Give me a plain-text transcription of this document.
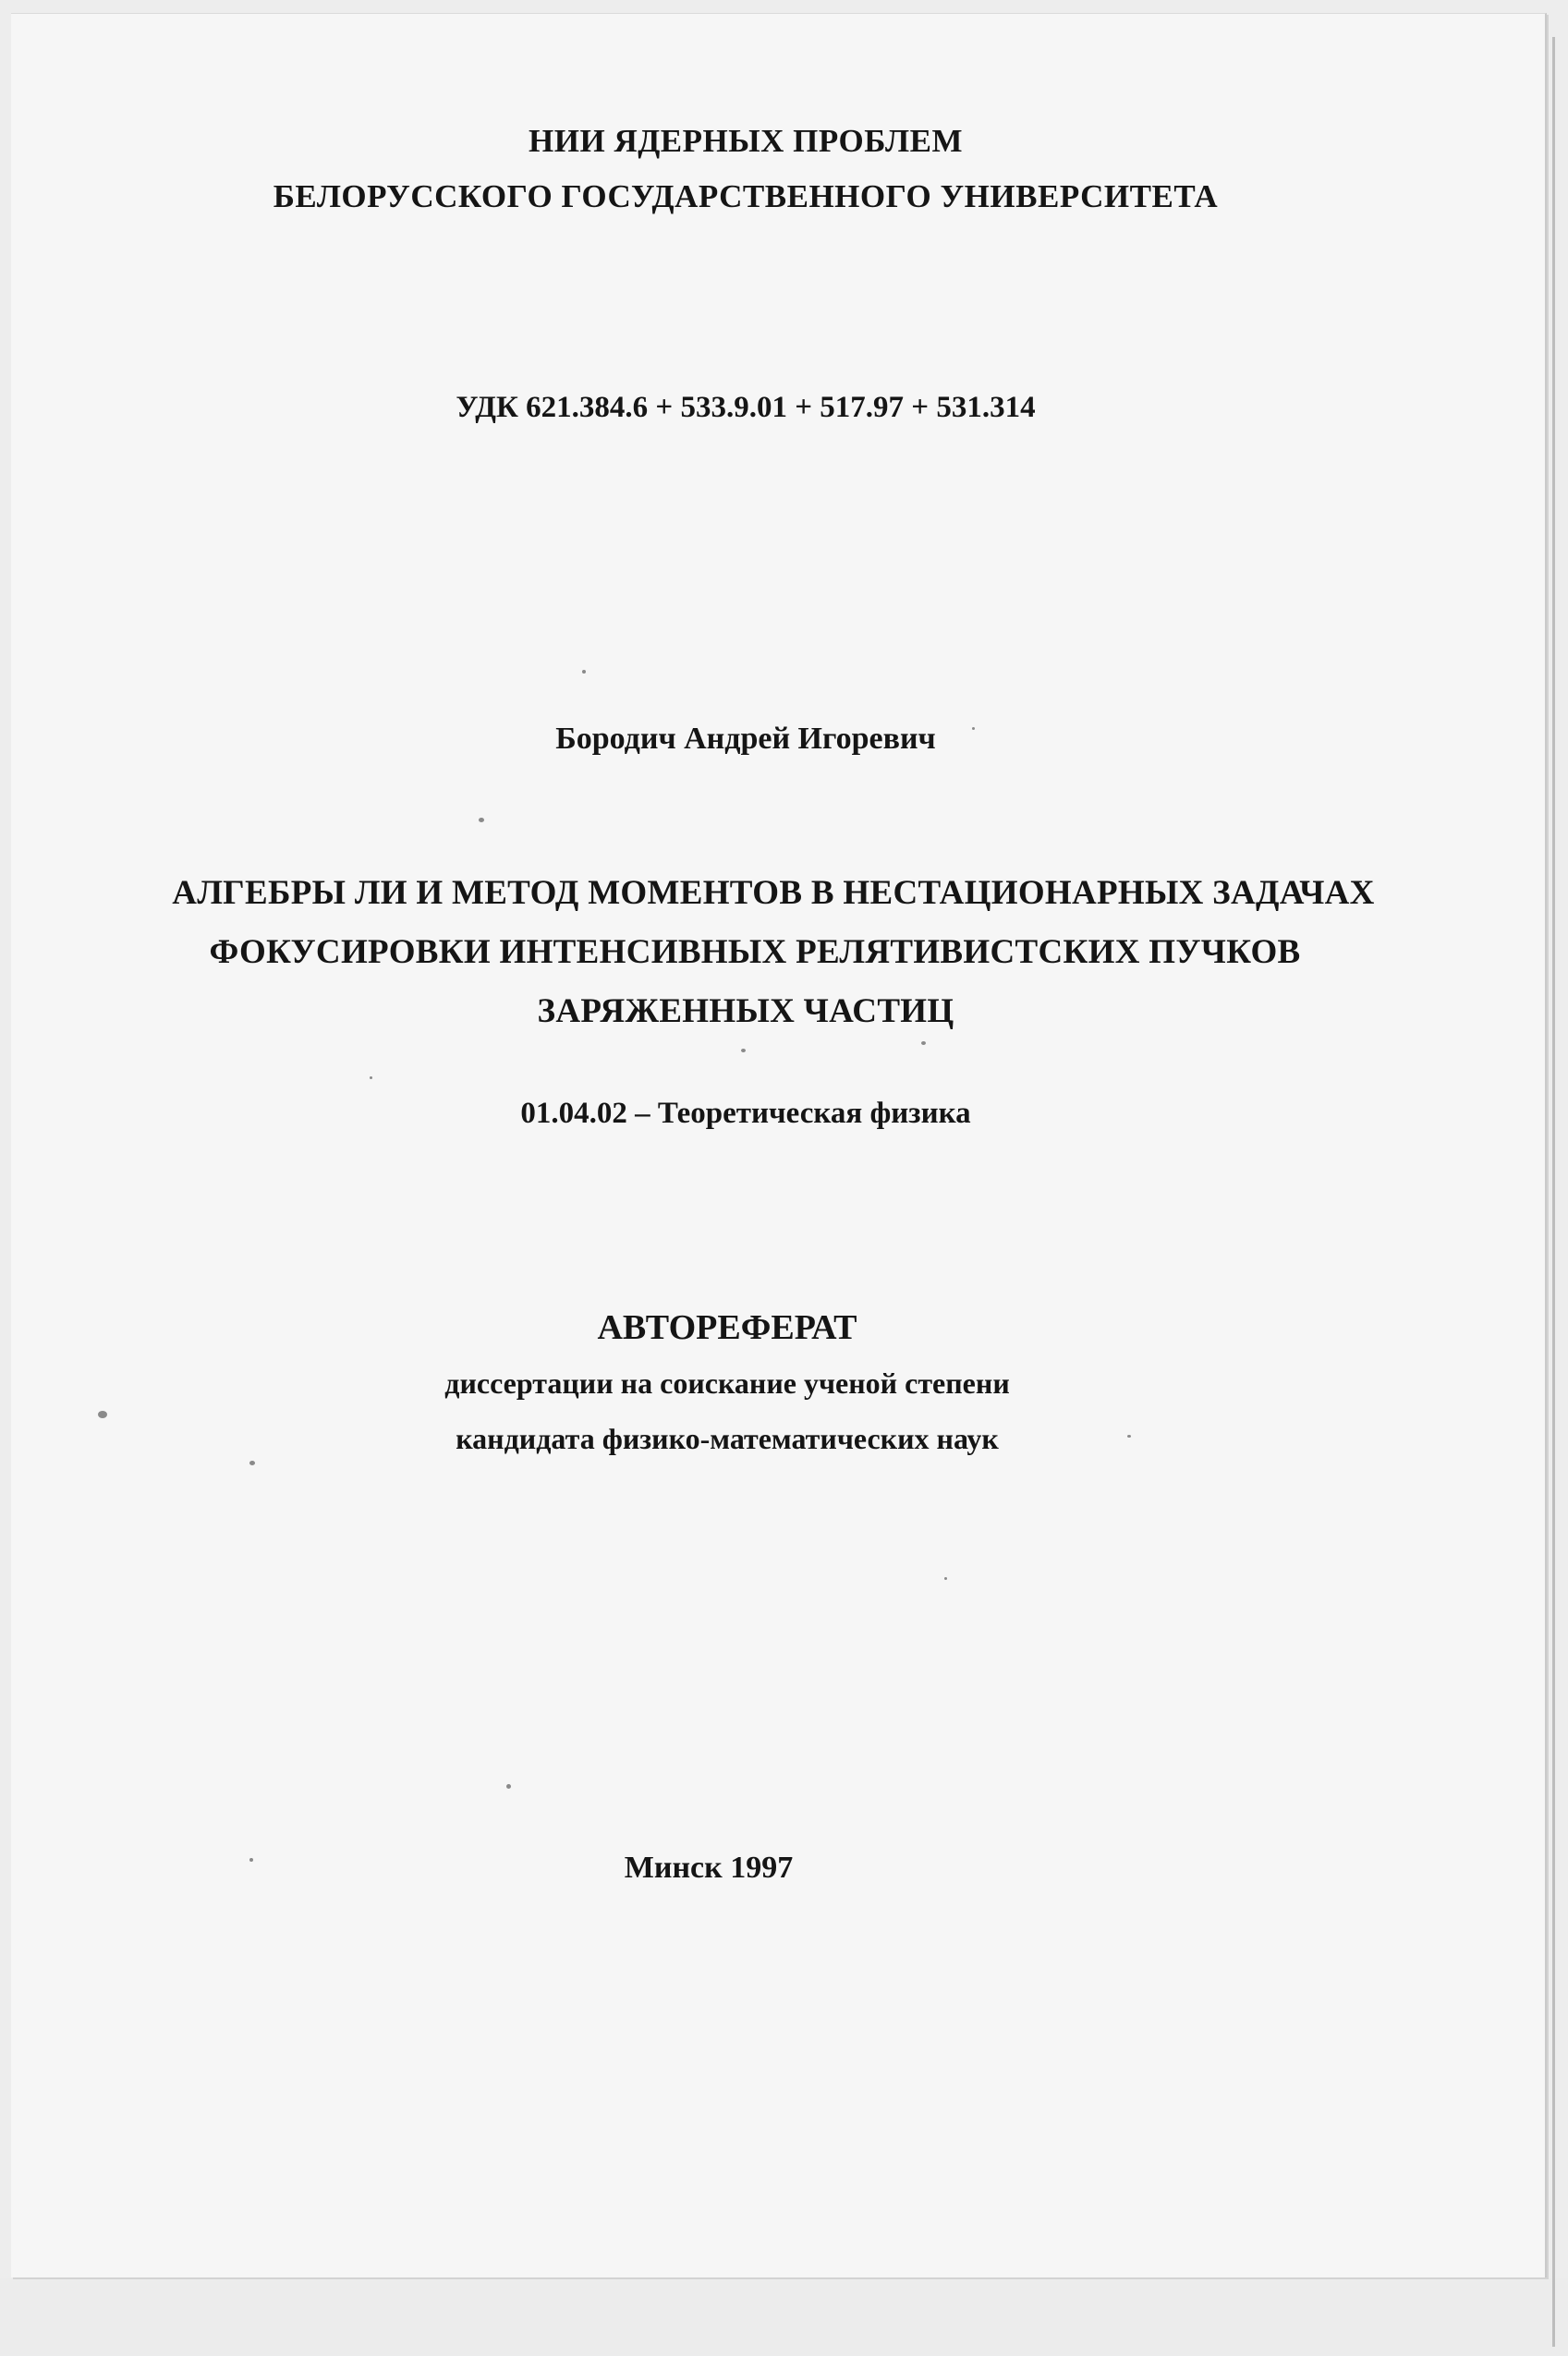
НИИ ЯДЕРНЫХ ПРОБЛЕМ
БЕЛОРУССКОГО ГОСУДАРСТВЕННОГО УНИВЕРСИТЕТА
УДК 621.384.6 + 533.9.01 + 517.97 + 531.314
Бородич Андрей Игоревич
АЛГЕБРЫ ЛИ И МЕТОД МОМЕНТОВ В НЕСТАЦИОНАРНЫХ ЗАДАЧАХ
ФОКУСИРОВКИ ИНТЕНСИВНЫХ РЕЛЯТИВИСТСКИХ ПУЧКОВ
ЗАРЯЖЕННЫХ ЧАСТИЦ
01.04.02 – Теоретическая физика
АВТОРЕФЕРАТ
диссертации на соискание ученой степени
кандидата физико-математических наук
Минск 1997
